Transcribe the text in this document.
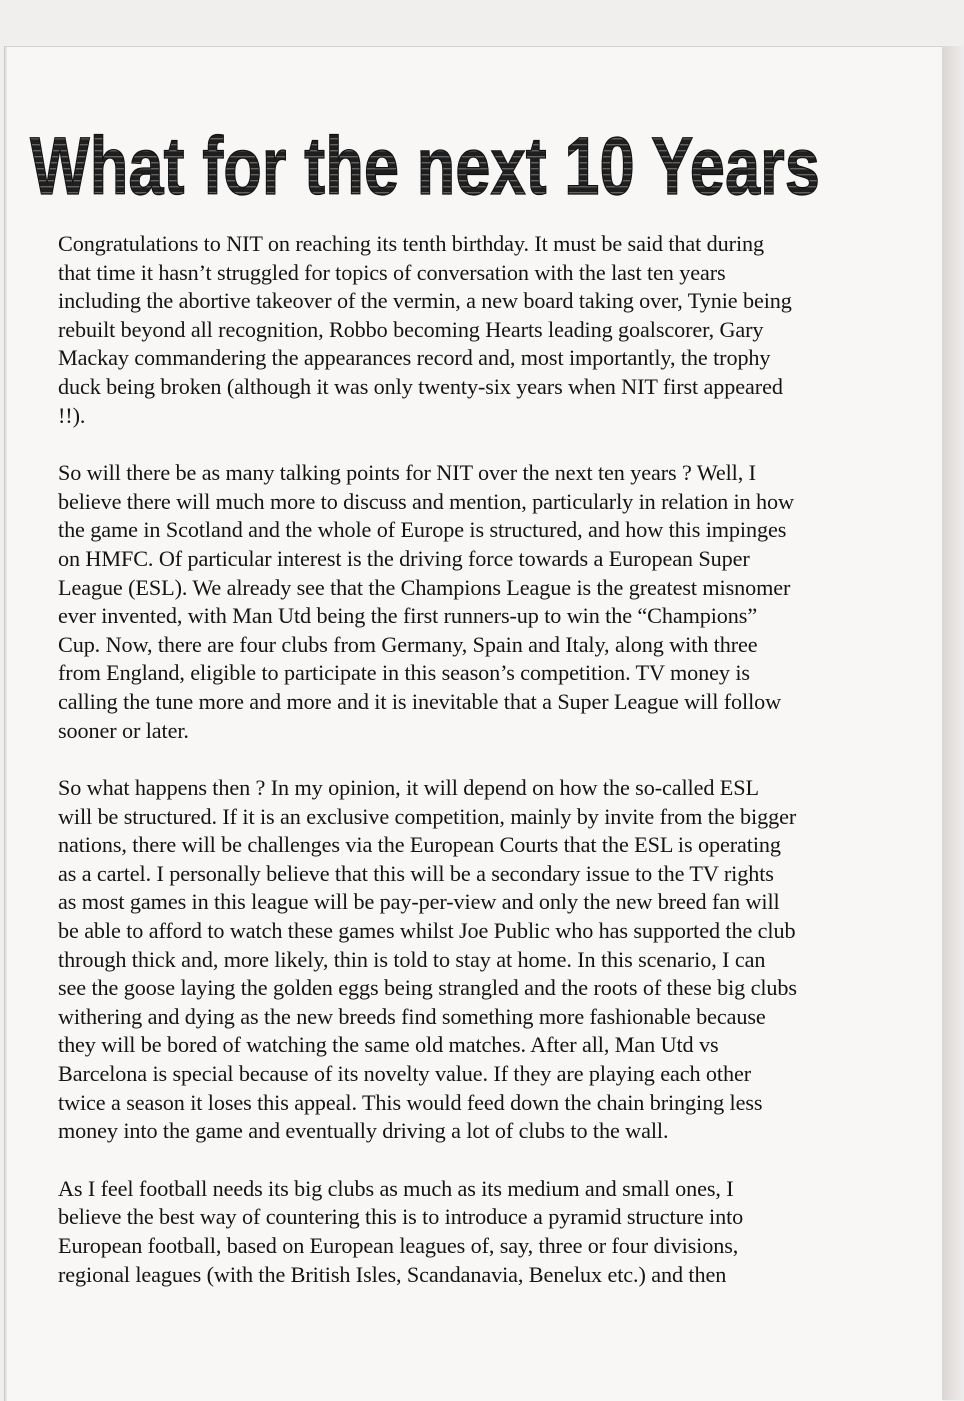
What for the next 10 Years

Congratulations to NIT on reaching its tenth birthday. It must be said that during
that time it hasn’t struggled for topics of conversation with the last ten years
including the abortive takeover of the vermin, a new board taking over, Tynie being
rebuilt beyond all recognition, Robbo becoming Hearts leading goalscorer, Gary
Mackay commandering the appearances record and, most importantly, the trophy
duck being broken (although it was only twenty-six years when NIT first appeared
!!).

So will there be as many talking points for NIT over the next ten years ? Well, I
believe there will much more to discuss and mention, particularly in relation in how
the game in Scotland and the whole of Europe is structured, and how this impinges
on HMFC. Of particular interest is the driving force towards a European Super
League (ESL). We already see that the Champions League is the greatest misnomer
ever invented, with Man Utd being the first runners-up to win the “Champions”
Cup. Now, there are four clubs from Germany, Spain and Italy, along with three
from England, eligible to participate in this season’s competition. TV money is
calling the tune more and more and it is inevitable that a Super League will follow
sooner or later.

So what happens then ? In my opinion, it will depend on how the so-called ESL
will be structured. If it is an exclusive competition, mainly by invite from the bigger
nations, there will be challenges via the European Courts that the ESL is operating
as a cartel. I personally believe that this will be a secondary issue to the TV rights
as most games in this league will be pay-per-view and only the new breed fan will
be able to afford to watch these games whilst Joe Public who has supported the club
through thick and, more likely, thin is told to stay at home. In this scenario, I can
see the goose laying the golden eggs being strangled and the roots of these big clubs
withering and dying as the new breeds find something more fashionable because
they will be bored of watching the same old matches. After all, Man Utd vs
Barcelona is special because of its novelty value. If they are playing each other
twice a season it loses this appeal. This would feed down the chain bringing less
money into the game and eventually driving a lot of clubs to the wall.

As I feel football needs its big clubs as much as its medium and small ones, I
believe the best way of countering this is to introduce a pyramid structure into
European football, based on European leagues of, say, three or four divisions,
regional leagues (with the British Isles, Scandanavia, Benelux etc.) and then
